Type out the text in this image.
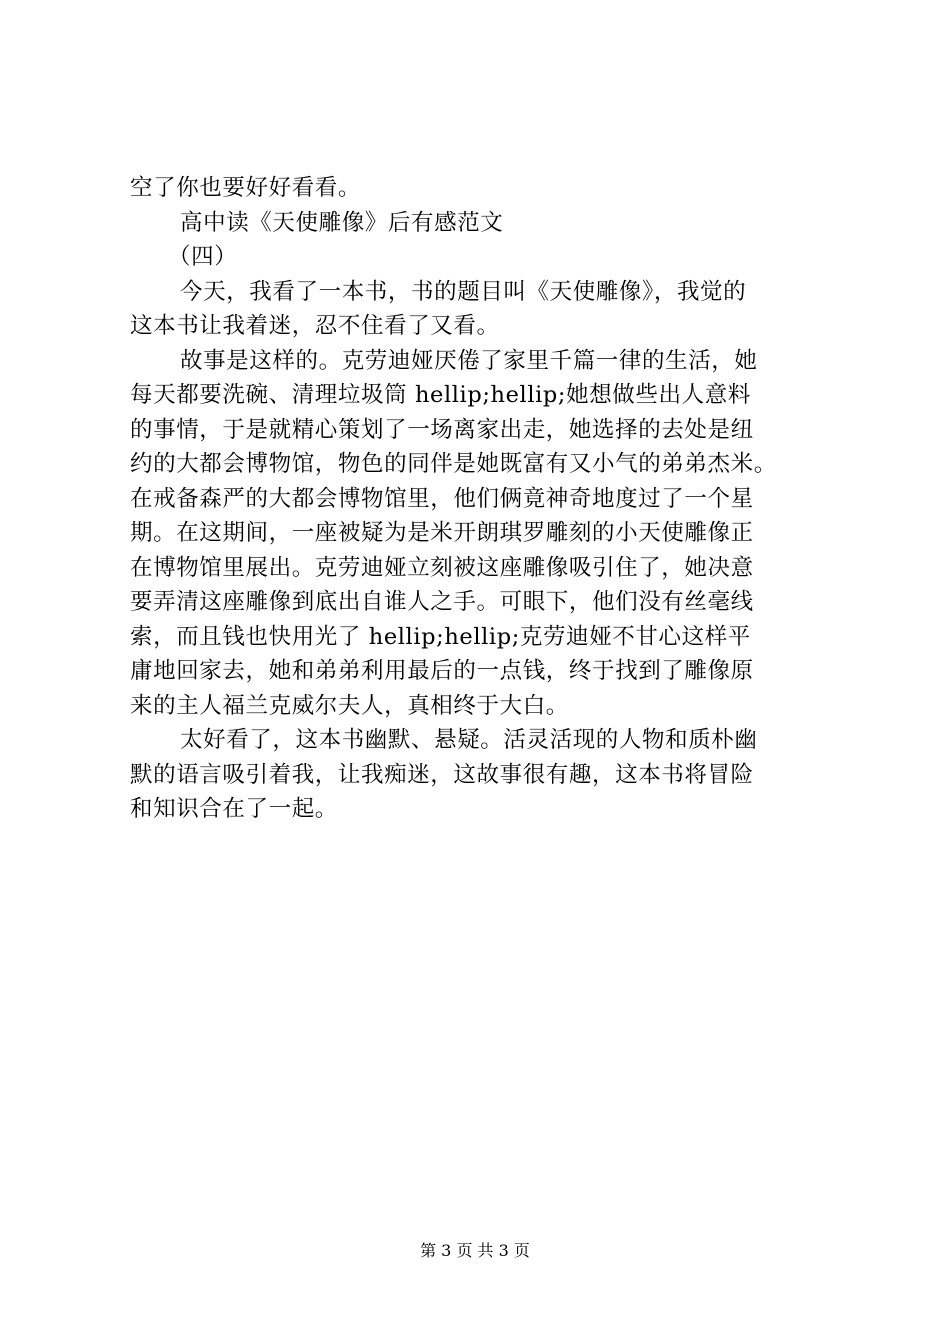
空了你也要好好看看。
高中读《天使雕像》后有感范文
（四）
今天，我看了一本书，书的题目叫《天使雕像》，我觉的
这本书让我着迷，忍不住看了又看。
故事是这样的。克劳迪娅厌倦了家里千篇一律的生活，她
每天都要洗碗、清理垃圾筒 hellip;hellip;她想做些出人意料
的事情，于是就精心策划了一场离家出走，她选择的去处是纽
约的大都会博物馆，物色的同伴是她既富有又小气的弟弟杰米。
在戒备森严的大都会博物馆里，他们俩竟神奇地度过了一个星
期。在这期间，一座被疑为是米开朗琪罗雕刻的小天使雕像正
在博物馆里展出。克劳迪娅立刻被这座雕像吸引住了，她决意
要弄清这座雕像到底出自谁人之手。可眼下，他们没有丝毫线
索，而且钱也快用光了 hellip;hellip;克劳迪娅不甘心这样平
庸地回家去，她和弟弟利用最后的一点钱，终于找到了雕像原
来的主人福兰克威尔夫人，真相终于大白。
太好看了，这本书幽默、悬疑。活灵活现的人物和质朴幽
默的语言吸引着我，让我痴迷，这故事很有趣，这本书将冒险
和知识合在了一起。
第 3 页 共 3 页
